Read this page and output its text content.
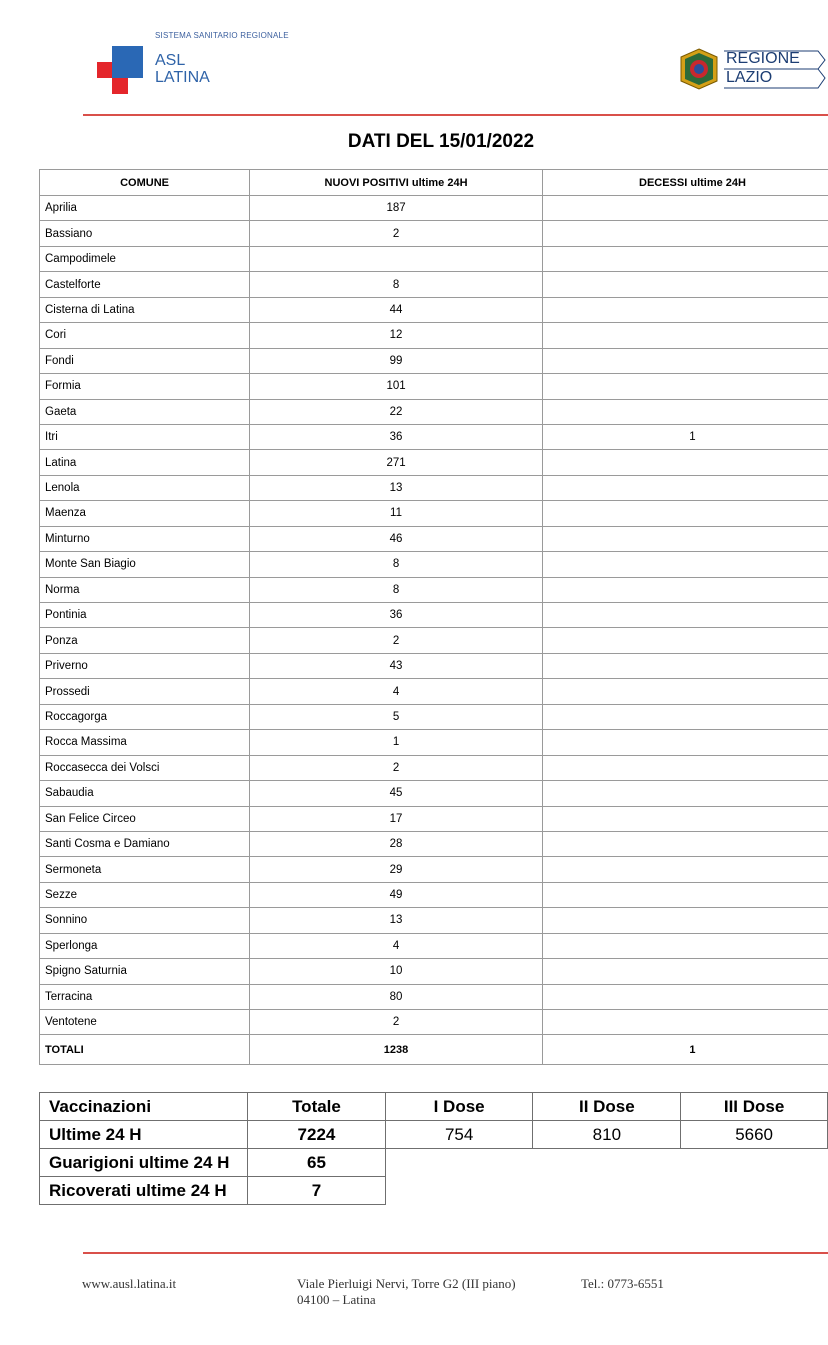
SISTEMA SANITARIO REGIONALE
ASL
LATINA
REGIONE
LAZIO
DATI DEL 15/01/2022
COMUNE	NUOVI POSITIVI ultime 24H	DECESSI ultime 24H
Aprilia	187	
Bassiano	2	
Campodimele		
Castelforte	8	
Cisterna di Latina	44	
Cori	12	
Fondi	99	
Formia	101	
Gaeta	22	
Itri	36	1
Latina	271	
Lenola	13	
Maenza	11	
Minturno	46	
Monte San Biagio	8	
Norma	8	
Pontinia	36	
Ponza	2	
Priverno	43	
Prossedi	4	
Roccagorga	5	
Rocca Massima	1	
Roccasecca dei Volsci	2	
Sabaudia	45	
San Felice Circeo	17	
Santi Cosma e Damiano	28	
Sermoneta	29	
Sezze	49	
Sonnino	13	
Sperlonga	4	
Spigno Saturnia	10	
Terracina	80	
Ventotene	2	
TOTALI	1238	1
Vaccinazioni	Totale	I Dose	II Dose	III Dose
Ultime 24 H	7224	754	810	5660
Guarigioni ultime 24 H	65			
Ricoverati ultime 24 H	7			
www.ausl.latina.it	Viale Pierluigi Nervi, Torre G2 (III piano)
04100 – Latina
Tel.: 0773-6551
